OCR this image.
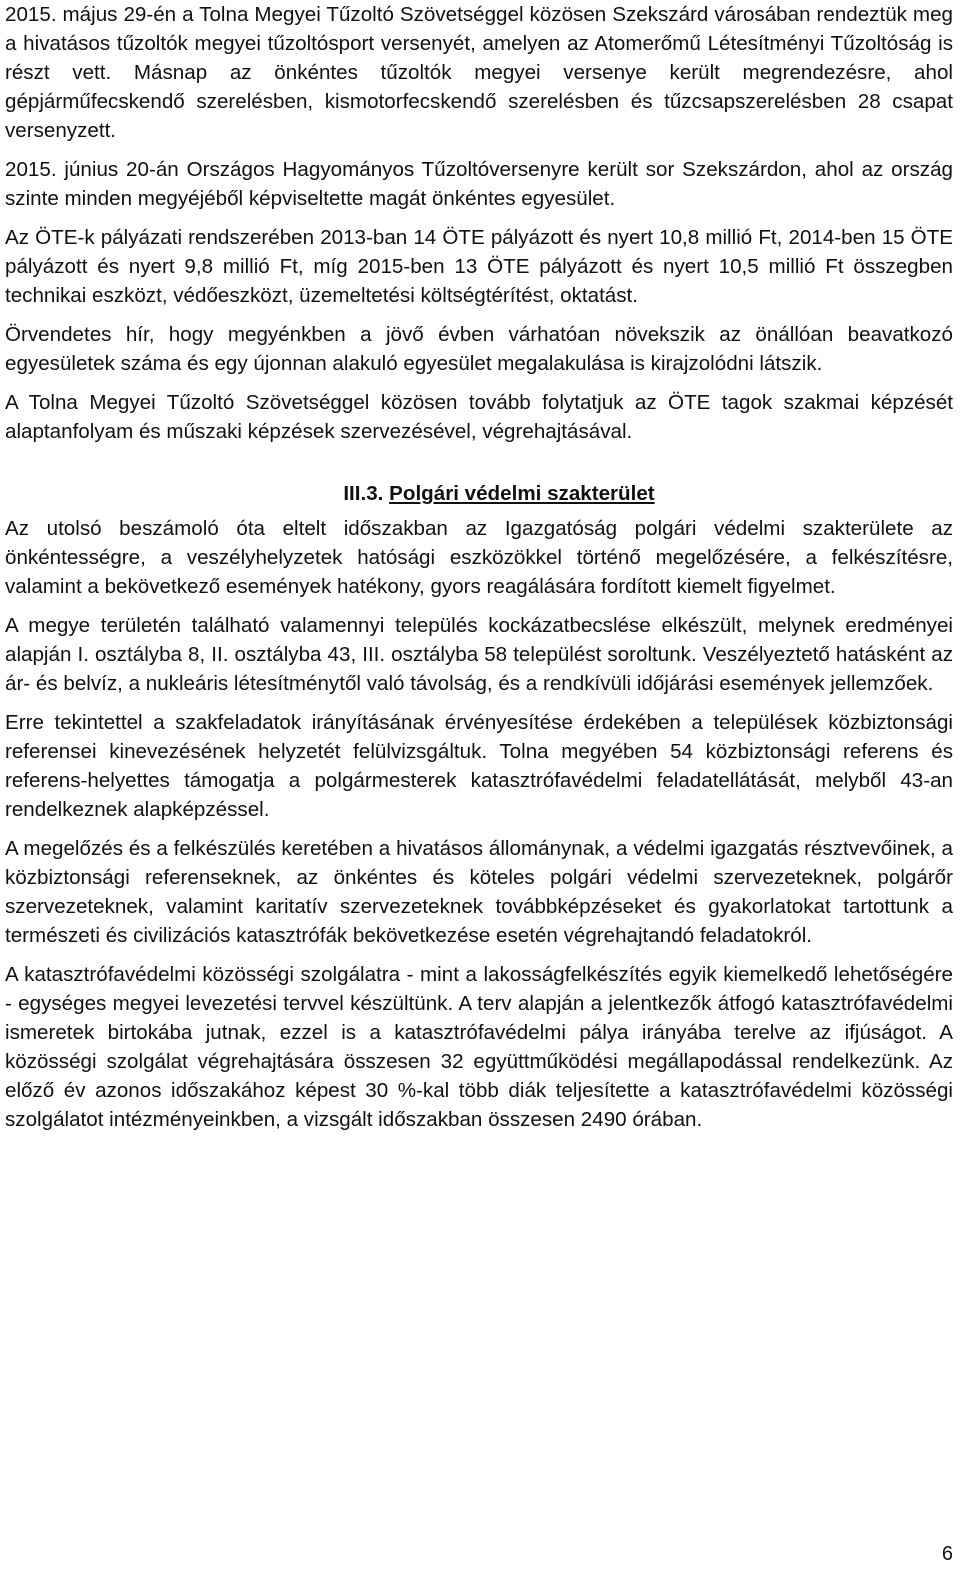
2015. május 29-én a Tolna Megyei Tűzoltó Szövetséggel közösen Szekszárd városában rendeztük meg a hivatásos tűzoltók megyei tűzoltósport versenyét, amelyen az Atomerőmű Létesítményi Tűzoltóság is részt vett. Másnap az önkéntes tűzoltók megyei versenye került megrendezésre, ahol gépjárműfecskendő szerelésben, kismotorfecskendő szerelésben és tűzcsapszerelésben 28 csapat versenyzett.

2015. június 20-án Országos Hagyományos Tűzoltóversenyre került sor Szekszárdon, ahol az ország szinte minden megyéjéből képviseltette magát önkéntes egyesület.

Az ÖTE-k pályázati rendszerében 2013-ban 14 ÖTE pályázott és nyert 10,8 millió Ft, 2014-ben 15 ÖTE pályázott és nyert 9,8 millió Ft, míg 2015-ben 13 ÖTE pályázott és nyert 10,5 millió Ft összegben technikai eszközt, védőeszközt, üzemeltetési költségtérítést, oktatást.

Örvendetes hír, hogy megyénkben a jövő évben várhatóan növekszik az önállóan beavatkozó egyesületek száma és egy újonnan alakuló egyesület megalakulása is kirajzolódni látszik.

A Tolna Megyei Tűzoltó Szövetséggel közösen tovább folytatjuk az ÖTE tagok szakmai képzését alaptanfolyam és műszaki képzések szervezésével, végrehajtásával.

III.3. Polgári védelmi szakterület

Az utolsó beszámoló óta eltelt időszakban az Igazgatóság polgári védelmi szakterülete az önkéntességre, a veszélyhelyzetek hatósági eszközökkel történő megelőzésére, a felkészítésre, valamint a bekövetkező események hatékony, gyors reagálására fordított kiemelt figyelmet.

A megye területén található valamennyi település kockázatbecslése elkészült, melynek eredményei alapján I. osztályba 8, II. osztályba 43, III. osztályba 58 települést soroltunk. Veszélyeztető hatásként az ár- és belvíz, a nukleáris létesítménytől való távolság, és a rendkívüli időjárási események jellemzőek.

Erre tekintettel a szakfeladatok irányításának érvényesítése érdekében a települések közbiztonsági referensei kinevezésének helyzetét felülvizsgáltuk. Tolna megyében 54 közbiztonsági referens és referens-helyettes támogatja a polgármesterek katasztrófavédelmi feladatellátását, melyből 43-an rendelkeznek alapképzéssel.

A megelőzés és a felkészülés keretében a hivatásos állománynak, a védelmi igazgatás résztvevőinek, a közbiztonsági referenseknek, az önkéntes és köteles polgári védelmi szervezeteknek, polgárőr szervezeteknek, valamint karitatív szervezeteknek továbbképzéseket és gyakorlatokat tartottunk a természeti és civilizációs katasztrófák bekövetkezése esetén végrehajtandó feladatokról.

A katasztrófavédelmi közösségi szolgálatra - mint a lakosságfelkészítés egyik kiemelkedő lehetőségére - egységes megyei levezetési tervvel készültünk. A terv alapján a jelentkezők átfogó katasztrófavédelmi ismeretek birtokába jutnak, ezzel is a katasztrófavédelmi pálya irányába terelve az ifjúságot. A közösségi szolgálat végrehajtására összesen 32 együttműködési megállapodással rendelkezünk. Az előző év azonos időszakához képest 30 %-kal több diák teljesítette a katasztrófavédelmi közösségi szolgálatot intézményeinkben, a vizsgált időszakban összesen 2490 órában.

6
